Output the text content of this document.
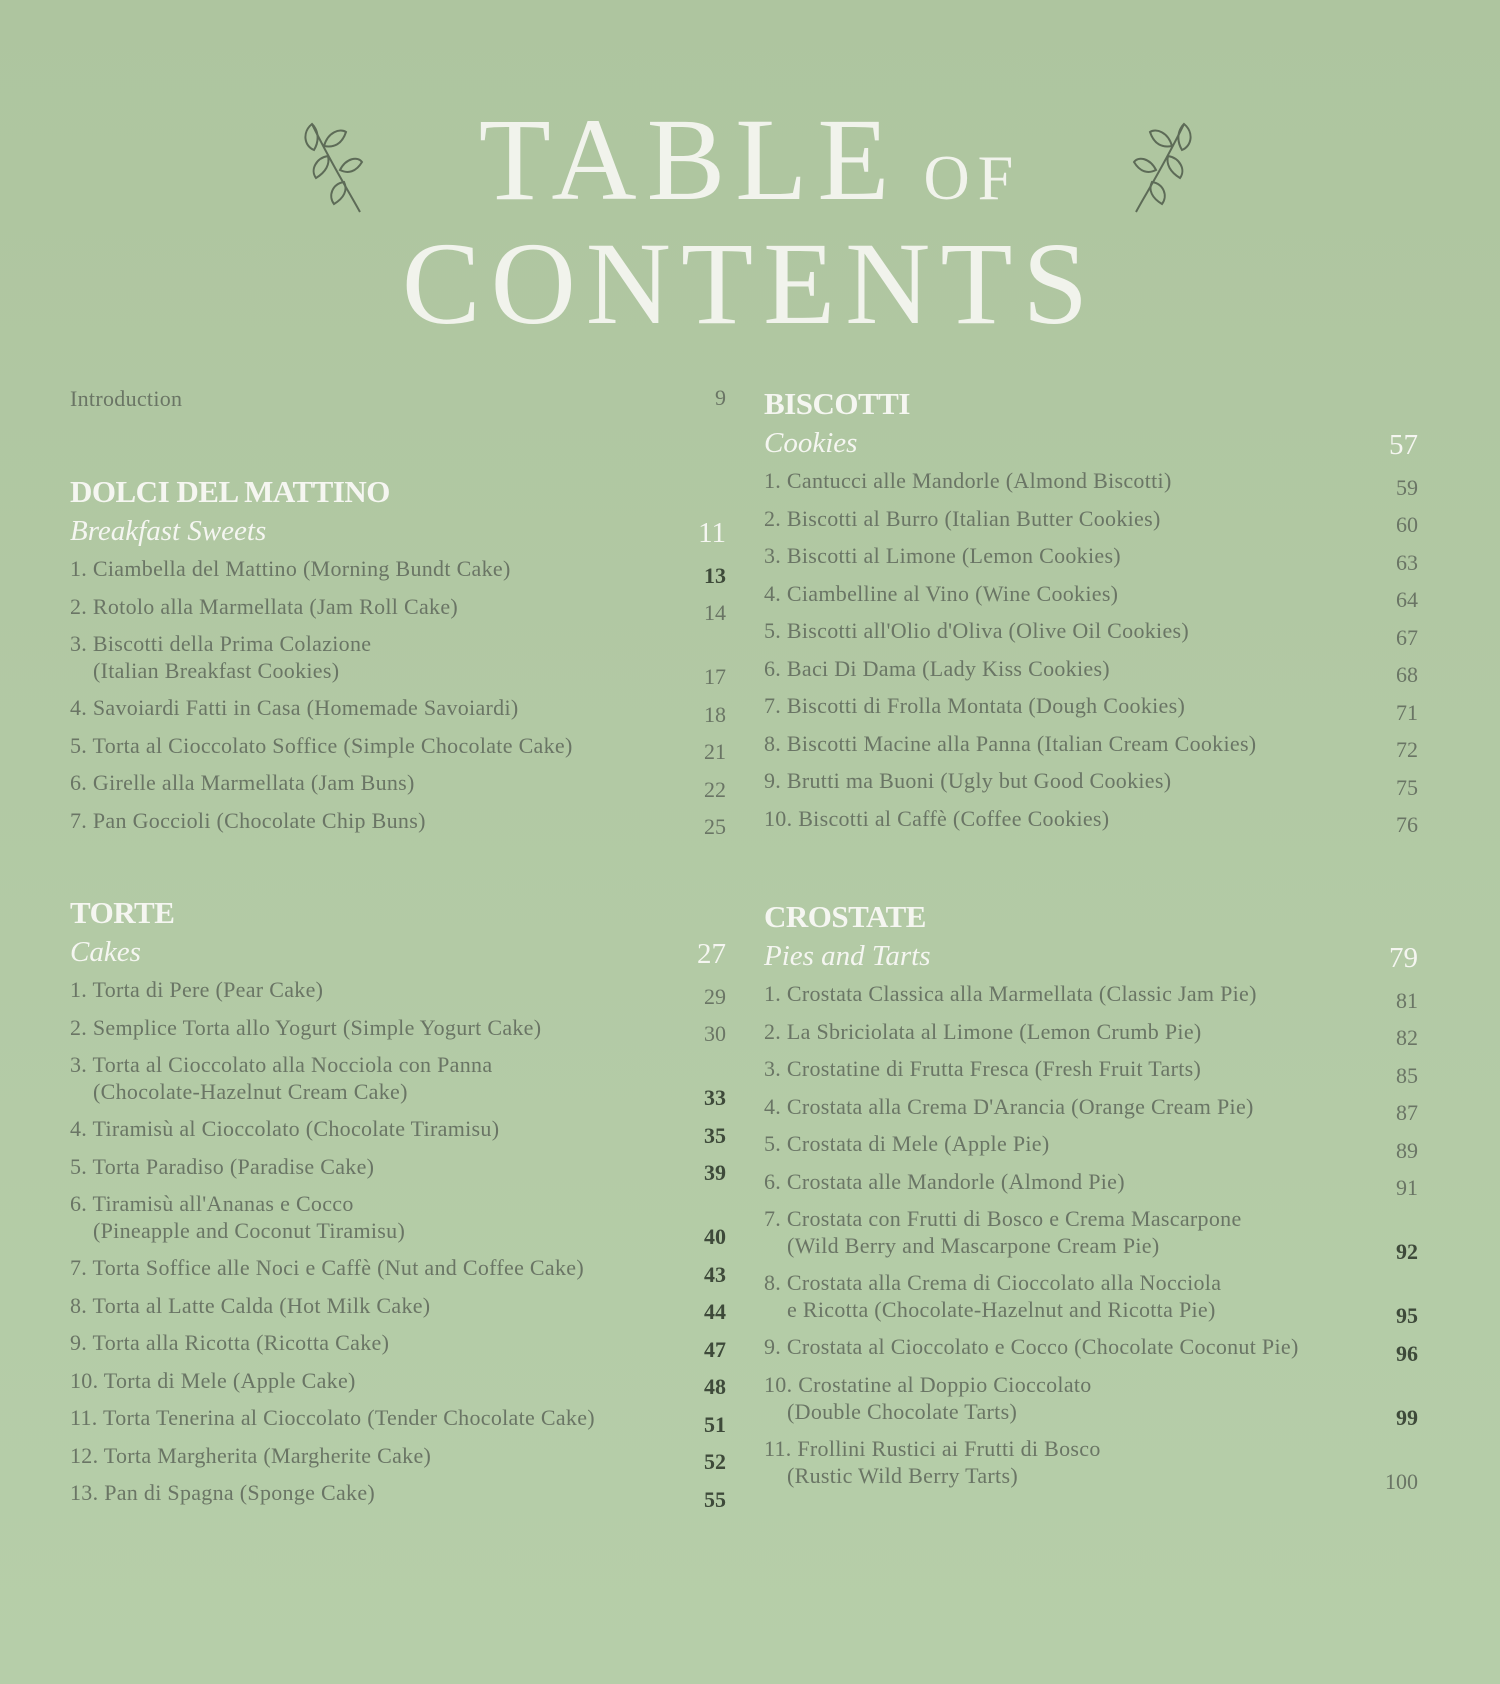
TABLE OF
CONTENTS
Introduction	9
DOLCI DEL MATTINO
Breakfast Sweets	11
1. Ciambella del Mattino (Morning Bundt Cake)	13
2. Rotolo alla Marmellata (Jam Roll Cake)	14
3. Biscotti della Prima Colazione
(Italian Breakfast Cookies)	17
4. Savoiardi Fatti in Casa (Homemade Savoiardi)	18
5. Torta al Cioccolato Soffice (Simple Chocolate Cake)	21
6. Girelle alla Marmellata (Jam Buns)	22
7. Pan Goccioli (Chocolate Chip Buns)	25
TORTE
Cakes	27
1. Torta di Pere (Pear Cake)	29
2. Semplice Torta allo Yogurt (Simple Yogurt Cake)	30
3. Torta al Cioccolato alla Nocciola con Panna
(Chocolate-Hazelnut Cream Cake)	33
4. Tiramisù al Cioccolato (Chocolate Tiramisu)	35
5. Torta Paradiso (Paradise Cake)	39
6. Tiramisù all'Ananas e Cocco
(Pineapple and Coconut Tiramisu)	40
7. Torta Soffice alle Noci e Caffè (Nut and Coffee Cake)	43
8. Torta al Latte Calda (Hot Milk Cake)	44
9. Torta alla Ricotta (Ricotta Cake)	47
10. Torta di Mele (Apple Cake)	48
11. Torta Tenerina al Cioccolato (Tender Chocolate Cake)	51
12. Torta Margherita (Margherite Cake)	52
13. Pan di Spagna (Sponge Cake)	55
BISCOTTI
Cookies	57
1. Cantucci alle Mandorle (Almond Biscotti)	59
2. Biscotti al Burro (Italian Butter Cookies)	60
3. Biscotti al Limone (Lemon Cookies)	63
4. Ciambelline al Vino (Wine Cookies)	64
5. Biscotti all'Olio d'Oliva (Olive Oil Cookies)	67
6. Baci Di Dama (Lady Kiss Cookies)	68
7. Biscotti di Frolla Montata (Dough Cookies)	71
8. Biscotti Macine alla Panna (Italian Cream Cookies)	72
9. Brutti ma Buoni (Ugly but Good Cookies)	75
10. Biscotti al Caffè (Coffee Cookies)	76
CROSTATE
Pies and Tarts	79
1. Crostata Classica alla Marmellata (Classic Jam Pie)	81
2. La Sbriciolata al Limone (Lemon Crumb Pie)	82
3. Crostatine di Frutta Fresca (Fresh Fruit Tarts)	85
4. Crostata alla Crema D'Arancia (Orange Cream Pie)	87
5. Crostata di Mele (Apple Pie)	89
6. Crostata alle Mandorle (Almond Pie)	91
7. Crostata con Frutti di Bosco e Crema Mascarpone
(Wild Berry and Mascarpone Cream Pie)	92
8. Crostata alla Crema di Cioccolato alla Nocciola
e Ricotta (Chocolate-Hazelnut and Ricotta Pie)	95
9. Crostata al Cioccolato e Cocco (Chocolate Coconut Pie)	96
10. Crostatine al Doppio Cioccolato
(Double Chocolate Tarts)	99
11. Frollini Rustici ai Frutti di Bosco
(Rustic Wild Berry Tarts)	100
